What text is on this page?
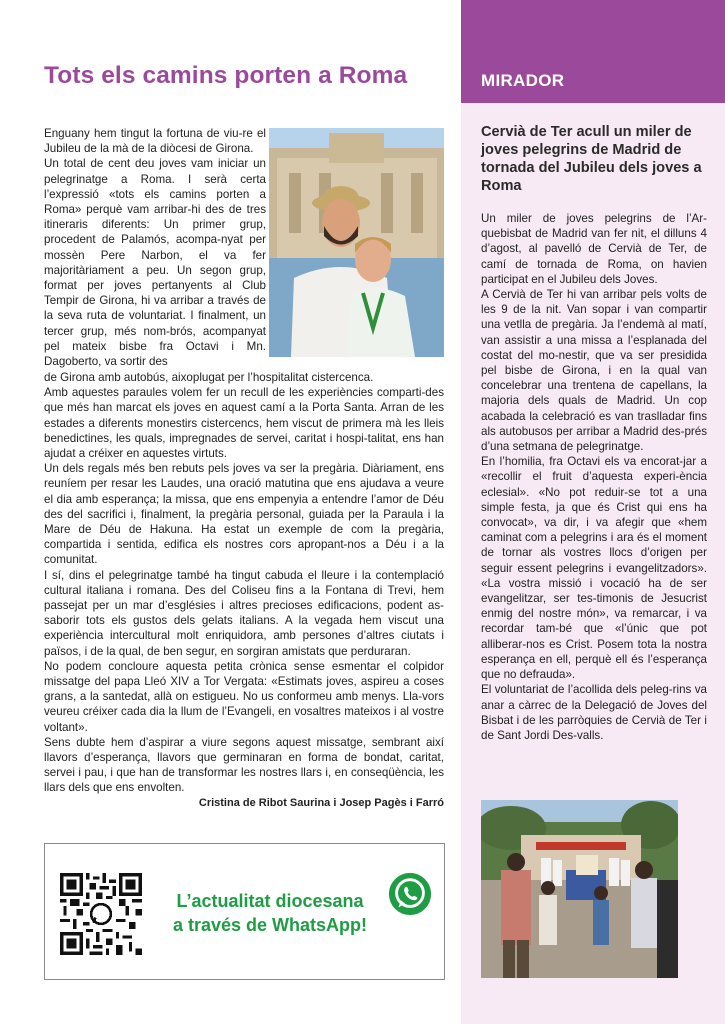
Tots els camins porten a Roma

Enguany hem tingut la fortuna de viu-re el Jubileu de la mà de la diòcesi de Girona.

Un total de cent deu joves vam iniciar un pelegrinatge a Roma. I serà certa l’expressió «tots els camins porten a Roma» perquè vam arribar-hi des de tres itineraris diferents: Un primer grup, procedent de Palamós, acompa-nyat per mossèn Pere Narbon, el va fer majoritàriament a peu. Un segon grup, format per joves pertanyents al Club Tempir de Girona, hi va arribar a través de la seva ruta de voluntariat. I finalment, un tercer grup, més nom-brós, acompanyat pel mateix bisbe fra Octavi i Mn. Dagoberto, va sortir des

de Girona amb autobús, aixoplugat per l’hospitalitat cistercenca.

Amb aquestes paraules volem fer un recull de les experiències comparti-des que més han marcat els joves en aquest camí a la Porta Santa. Arran de les estades a diferents monestirs cistercencs, hem viscut de primera mà les lleis benedictines, les quals, impregnades de servei, caritat i hospi-talitat, ens han ajudat a créixer en aquestes virtuts.

Un dels regals més ben rebuts pels joves va ser la pregària. Diàriament, ens reuníem per resar les Laudes, una oració matutina que ens ajudava a veure el dia amb esperança; la missa, que ens empenyia a entendre l’amor de Déu des del sacrifici i, finalment, la pregària personal, guiada per la Paraula i la Mare de Déu de Hakuna. Ha estat un exemple de com la pregària, compartida i sentida, edifica els nostres cors apropant-nos a Déu i a la comunitat.

I sí, dins el pelegrinatge també ha tingut cabuda el lleure i la contemplació cultural italiana i romana. Des del Coliseu fins a la Fontana di Trevi, hem passejat per un mar d’esglésies i altres precioses edificacions, podent as-saborir tots els gustos dels gelats italians. A la vegada hem viscut una experiència intercultural molt enriquidora, amb persones d’altres ciutats i països, i de la qual, de ben segur, en sorgiran amistats que perduraran.

No podem concloure aquesta petita crònica sense esmentar el colpidor missatge del papa Lleó XIV a Tor Vergata: «Estimats joves, aspireu a coses grans, a la santedat, allà on estigueu. No us conformeu amb menys. Lla-vors veureu créixer cada dia la llum de l’Evangeli, en vosaltres mateixos i al vostre voltant».

Sens dubte hem d’aspirar a viure segons aquest missatge, sembrant així llavors d’esperança, llavors que germinaran en forma de bondat, caritat, servei i pau, i que han de transformar les nostres llars i, en conseqüència, les llars dels que ens envolten.

Cristina de Ribot Saurina i Josep Pagès i Farró
L’actualitat diocesana
a través de WhatsApp!
MIRADOR
Cervià de Ter acull un miler de joves pelegrins de Madrid de tornada del Jubileu dels joves a Roma

Un miler de joves pelegrins de l’Ar-quebisbat de Madrid van fer nit, el dilluns 4 d’agost, al pavelló de Cervià de Ter, de camí de tornada de Roma, on havien participat en el Jubileu dels Joves.

A Cervià de Ter hi van arribar pels volts de les 9 de la nit. Van sopar i van compartir una vetlla de pregària. Ja l’endemà al matí, van assistir a una missa a l’esplanada del costat del mo-nestir, que va ser presidida pel bisbe de Girona, i en la qual van concelebrar una trentena de capellans, la majoria dels quals de Madrid. Un cop acabada la celebració es van traslladar fins als autobusos per arribar a Madrid des-prés d’una setmana de pelegrinatge.

En l’homilia, fra Octavi els va encorat-jar a «recollir el fruit d’aquesta experi-ència eclesial». «No pot reduir-se tot a una simple festa, ja que és Crist qui ens ha convocat», va dir, i va afegir que «hem caminat com a pelegrins i ara és el moment de tornar als vostres llocs d’origen per seguir essent pelegrins i evangelitzadors». «La vostra missió i vocació ha de ser evangelitzar, ser tes-timonis de Jesucrist enmig del nostre món», va remarcar, i va recordar tam-bé que «l’únic que pot alliberar-nos es Crist. Posem tota la nostra esperança en ell, perquè ell és l’esperança que no defrauda».

El voluntariat de l’acollida dels peleg-rins va anar a càrrec de la Delegació de Joves del Bisbat i de les parròquies de Cervià de Ter i de Sant Jordi Des-valls.
